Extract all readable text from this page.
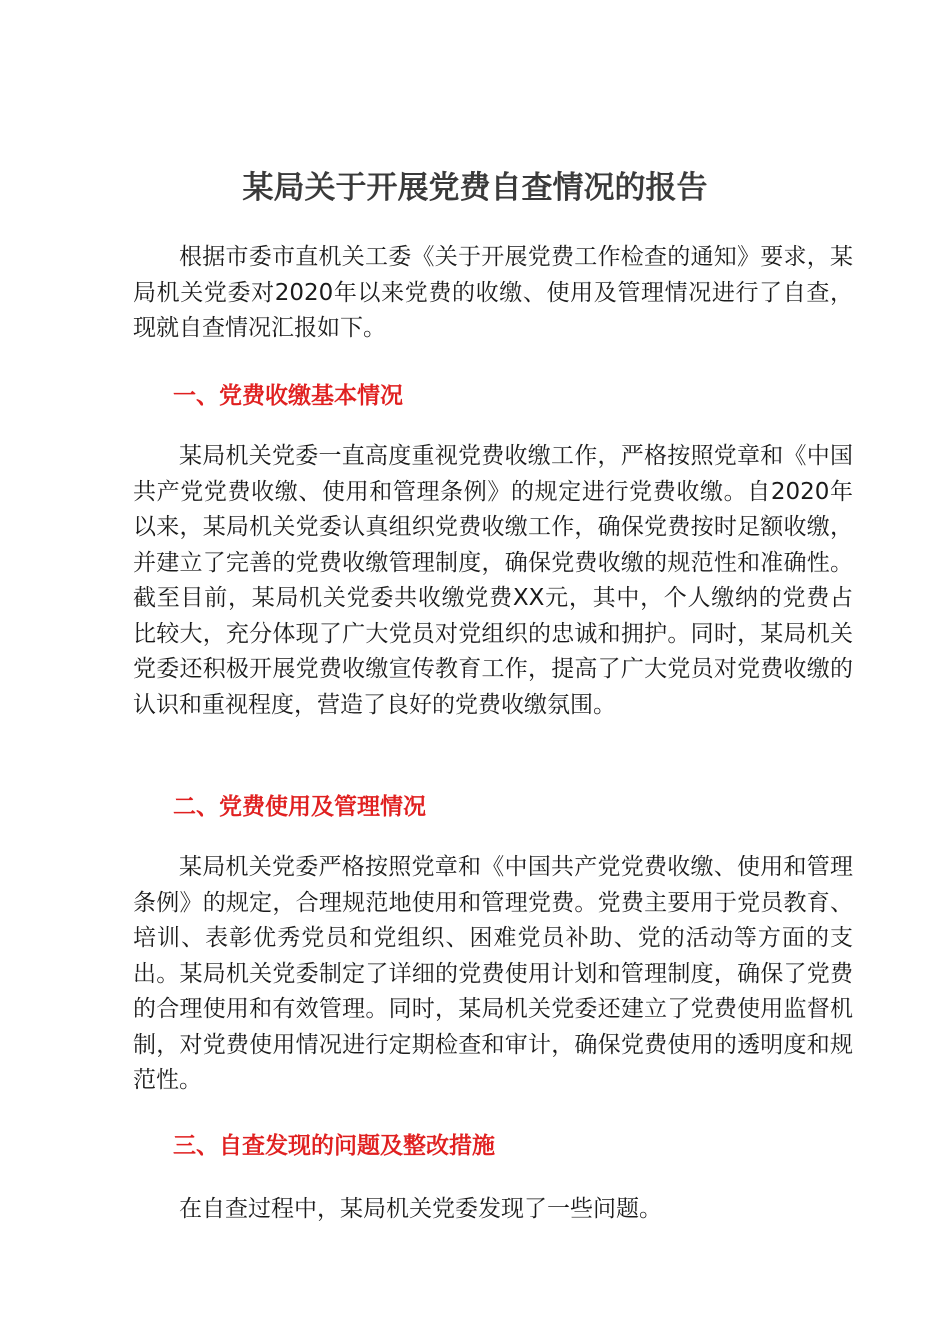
某局关于开展党费自查情况的报告

根据市委市直机关工委《关于开展党费工作检查的通知》要求，某局机关党委对2020年以来党费的收缴、使用及管理情况进行了自查，现就自查情况汇报如下。

一、党费收缴基本情况

某局机关党委一直高度重视党费收缴工作，严格按照党章和《中国共产党党费收缴、使用和管理条例》的规定进行党费收缴。自2020年以来，某局机关党委认真组织党费收缴工作，确保党费按时足额收缴，并建立了完善的党费收缴管理制度，确保党费收缴的规范性和准确性。截至目前，某局机关党委共收缴党费XX元，其中，个人缴纳的党费占比较大，充分体现了广大党员对党组织的忠诚和拥护。同时，某局机关党委还积极开展党费收缴宣传教育工作，提高了广大党员对党费收缴的认识和重视程度，营造了良好的党费收缴氛围。

二、党费使用及管理情况

某局机关党委严格按照党章和《中国共产党党费收缴、使用和管理条例》的规定，合理规范地使用和管理党费。党费主要用于党员教育、培训、表彰优秀党员和党组织、困难党员补助、党的活动等方面的支出。某局机关党委制定了详细的党费使用计划和管理制度，确保了党费的合理使用和有效管理。同时，某局机关党委还建立了党费使用监督机制，对党费使用情况进行定期检查和审计，确保党费使用的透明度和规范性。

三、自查发现的问题及整改措施

在自查过程中，某局机关党委发现了一些问题。
